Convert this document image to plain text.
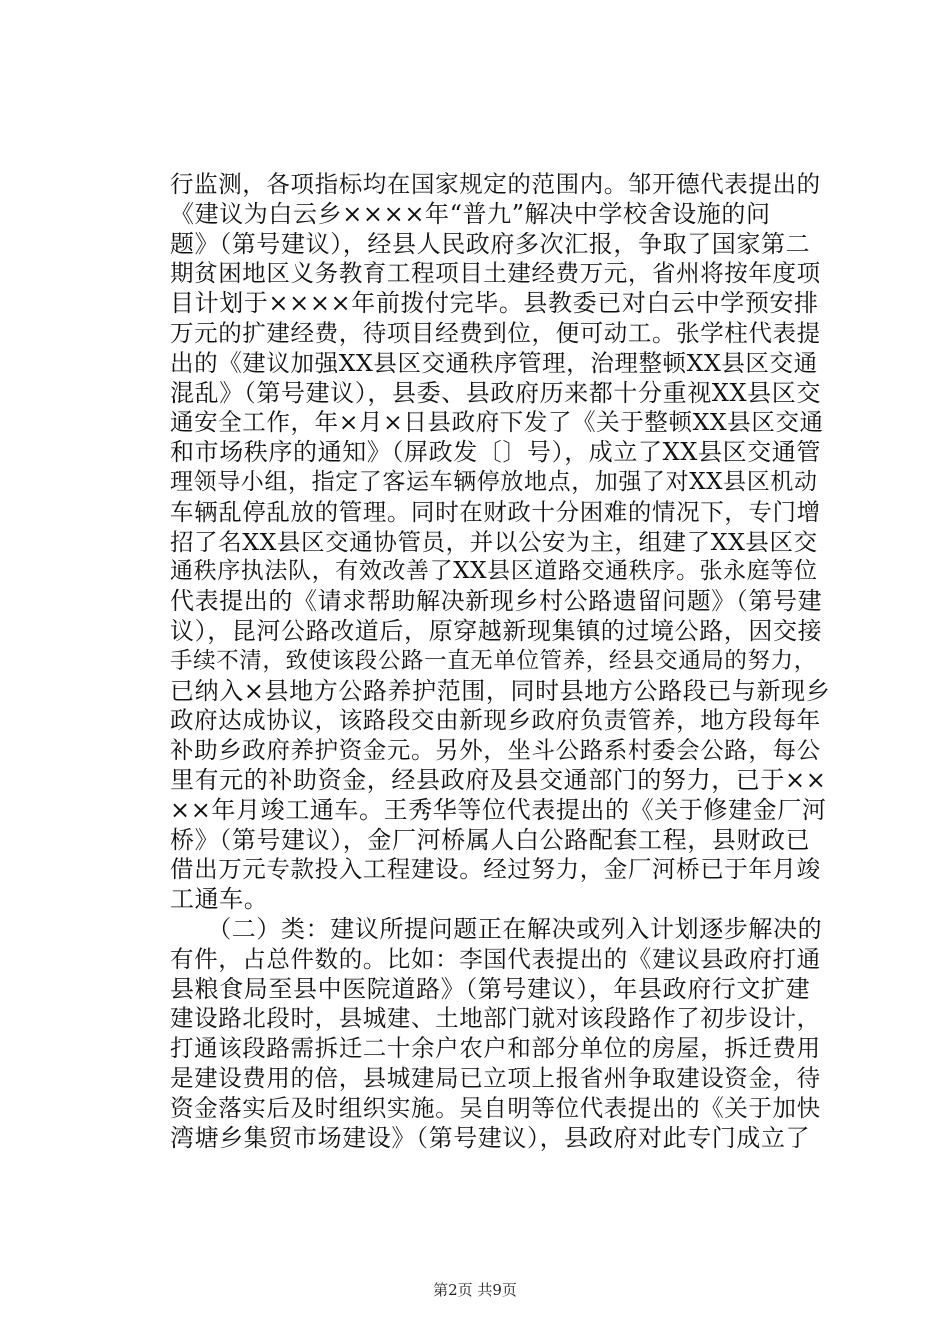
行监测，各项指标均在国家规定的范围内。邹开德代表提出的
《建议为白云乡××××年“普九”解决中学校舍设施的问
题》（第号建议），经县人民政府多次汇报，争取了国家第二
期贫困地区义务教育工程项目土建经费万元，省州将按年度项
目计划于××××年前拨付完毕。县教委已对白云中学预安排
万元的扩建经费，待项目经费到位，便可动工。张学柱代表提
出的《建议加强XX县区交通秩序管理，治理整顿XX县区交通
混乱》（第号建议），县委、县政府历来都十分重视XX县区交
通安全工作，年×月×日县政府下发了《关于整顿XX县区交通
和市场秩序的通知》（屏政发〔〕号），成立了XX县区交通管
理领导小组，指定了客运车辆停放地点，加强了对XX县区机动
车辆乱停乱放的管理。同时在财政十分困难的情况下，专门增
招了名XX县区交通协管员，并以公安为主，组建了XX县区交
通秩序执法队，有效改善了XX县区道路交通秩序。张永庭等位
代表提出的《请求帮助解决新现乡村公路遗留问题》（第号建
议），昆河公路改道后，原穿越新现集镇的过境公路，因交接
手续不清，致使该段公路一直无单位管养，经县交通局的努力，
已纳入×县地方公路养护范围，同时县地方公路段已与新现乡
政府达成协议，该路段交由新现乡政府负责管养，地方段每年
补助乡政府养护资金元。另外，坐斗公路系村委会公路，每公
里有元的补助资金，经县政府及县交通部门的努力，已于××
××年月竣工通车。王秀华等位代表提出的《关于修建金厂河
桥》（第号建议），金厂河桥属人白公路配套工程，县财政已
借出万元专款投入工程建设。经过努力，金厂河桥已于年月竣
工通车。
　　（二）类：建议所提问题正在解决或列入计划逐步解决的
有件，占总件数的。比如：李国代表提出的《建议县政府打通
县粮食局至县中医院道路》（第号建议），年县政府行文扩建
建设路北段时，县城建、土地部门就对该段路作了初步设计，
打通该段路需拆迁二十余户农户和部分单位的房屋，拆迁费用
是建设费用的倍，县城建局已立项上报省州争取建设资金，待
资金落实后及时组织实施。吴自明等位代表提出的《关于加快
湾塘乡集贸市场建设》（第号建议），县政府对此专门成立了
第2页 共9页
